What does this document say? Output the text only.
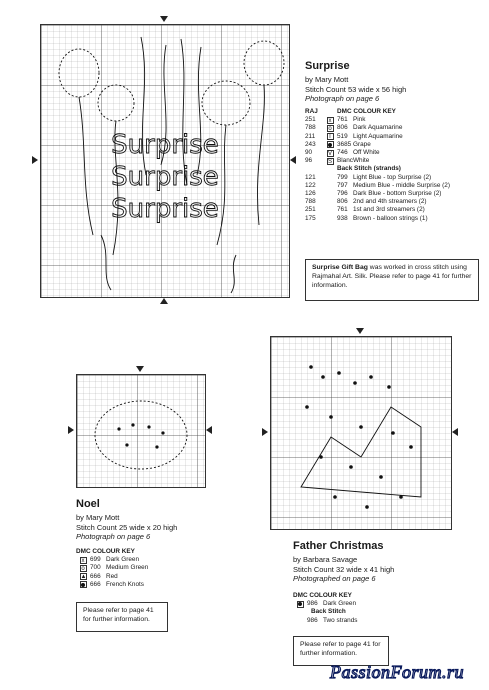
Surprise
Surprise
Surprise
Surprise
by Mary Mott
Stitch Count 53 wide x 56 high
Photograph on page 6
RAJ	DMC COLOUR KEY
251	x 761 Pink
788	o 806 Dark Aquamarine
211	I 519 Light Aquamarine
243	3685 Grape
90	V 746 Off White
96	S Blanc White
Back Stitch (strands)
121	799 Light Blue - top Surprise (2)
122	797 Medium Blue - middle Surprise (2)
126	796 Dark Blue - bottom Surprise (2)
788	806 2nd and 4th streamers (2)
251	761 1st and 3rd streamers (2)
175	938 Brown - balloon strings (1)
Surprise Gift Bag was worked in cross stitch using Rajmahal Art. Silk. Please refer to page 41 for further information.
Noel
by Mary Mott
Stitch Count 25 wide x 20 high
Photograph on page 6
DMC COLOUR KEY
x 699 Dark Green
o 700 Medium Green
▲ 666 Red
666 French Knots
Please refer to page 41 for further information.
Father Christmas
by Barbara Savage
Stitch Count 32 wide x 41 high
Photographed on page 6
DMC COLOUR KEY
986 Dark Green
Back Stitch
986 Two strands
Please refer to page 41 for further information.
PassionForum.ru
